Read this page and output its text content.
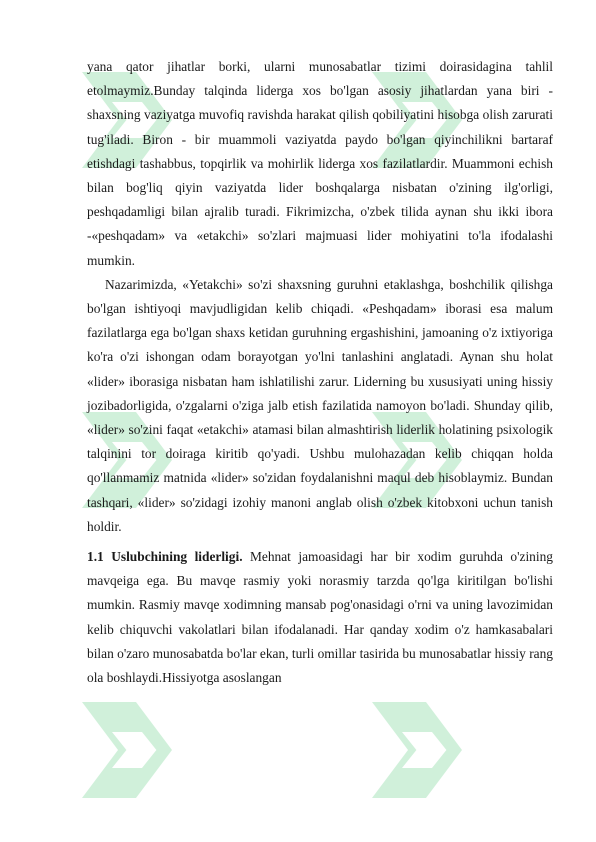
yana qator jihatlar borki, ularni munosabatlar tizimi doirasidagina tahlil etolmaymiz.Bunday talqinda liderga xos bo'lgan asosiy jihatlardan yana biri - shaxsning vaziyatga muvofiq ravishda harakat qilish qobiliyatini hisobga olish zarurati tug'iladi. Biron - bir muammoli vaziyatda paydo bo'lgan qiyinchilikni bartaraf etishdagi tashabbus, topqirlik va mohirlik liderga xos fazilatlardir. Muammoni echish bilan bog'liq qiyin vaziyatda lider boshqalarga nisbatan o'zining ilg'orligi, peshqadamligi bilan ajralib turadi. Fikrimizcha, o'zbek tilida aynan shu ikki ibora -«peshqadam» va «etakchi» so'zlari majmuasi lider mohiyatini to'la ifodalashi mumkin.

Nazarimizda, «Yetakchi» so'zi shaxsning guruhni etaklashga, boshchilik qilishga bo'lgan ishtiyoqi mavjudligidan kelib chiqadi. «Peshqadam» iborasi esa malum fazilatlarga ega bo'lgan shaxs ketidan guruhning ergashishini, jamoaning o'z ixtiyoriga ko'ra o'zi ishongan odam borayotgan yo'lni tanlashini anglatadi. Aynan shu holat «lider» iborasiga nisbatan ham ishlatilishi zarur. Liderning bu xususiyati uning hissiy jozibadorligida, o'zgalarni o'ziga jalb etish fazilatida namoyon bo'ladi. Shunday qilib, «lider» so'zini faqat «etakchi» atamasi bilan almashtirish liderlik holatining psixologik talqinini tor doiraga kiritib qo'yadi. Ushbu mulohazadan kelib chiqqan holda qo'llanmamiz matnida «lider» so'zidan foydalanishni maqul deb hisoblaymiz. Bundan tashqari, «lider» so'zidagi izohiy manoni anglab olish o'zbek kitobxoni uchun tanish holdir.

1.1 Uslubchining liderligi. Mehnat jamoasidagi har bir xodim guruhda o'zining mavqeiga ega. Bu mavqe rasmiy yoki norasmiy tarzda qo'lga kiritilgan bo'lishi mumkin. Rasmiy mavqe xodimning mansab pog'onasidagi o'rni va uning lavozimidan kelib chiquvchi vakolatlari bilan ifodalanadi. Har qanday xodim o'z hamkasabalari bilan o'zaro munosabatda bo'lar ekan, turli omillar tasirida bu munosabatlar hissiy rang ola boshlaydi.Hissiyotga asoslangan
